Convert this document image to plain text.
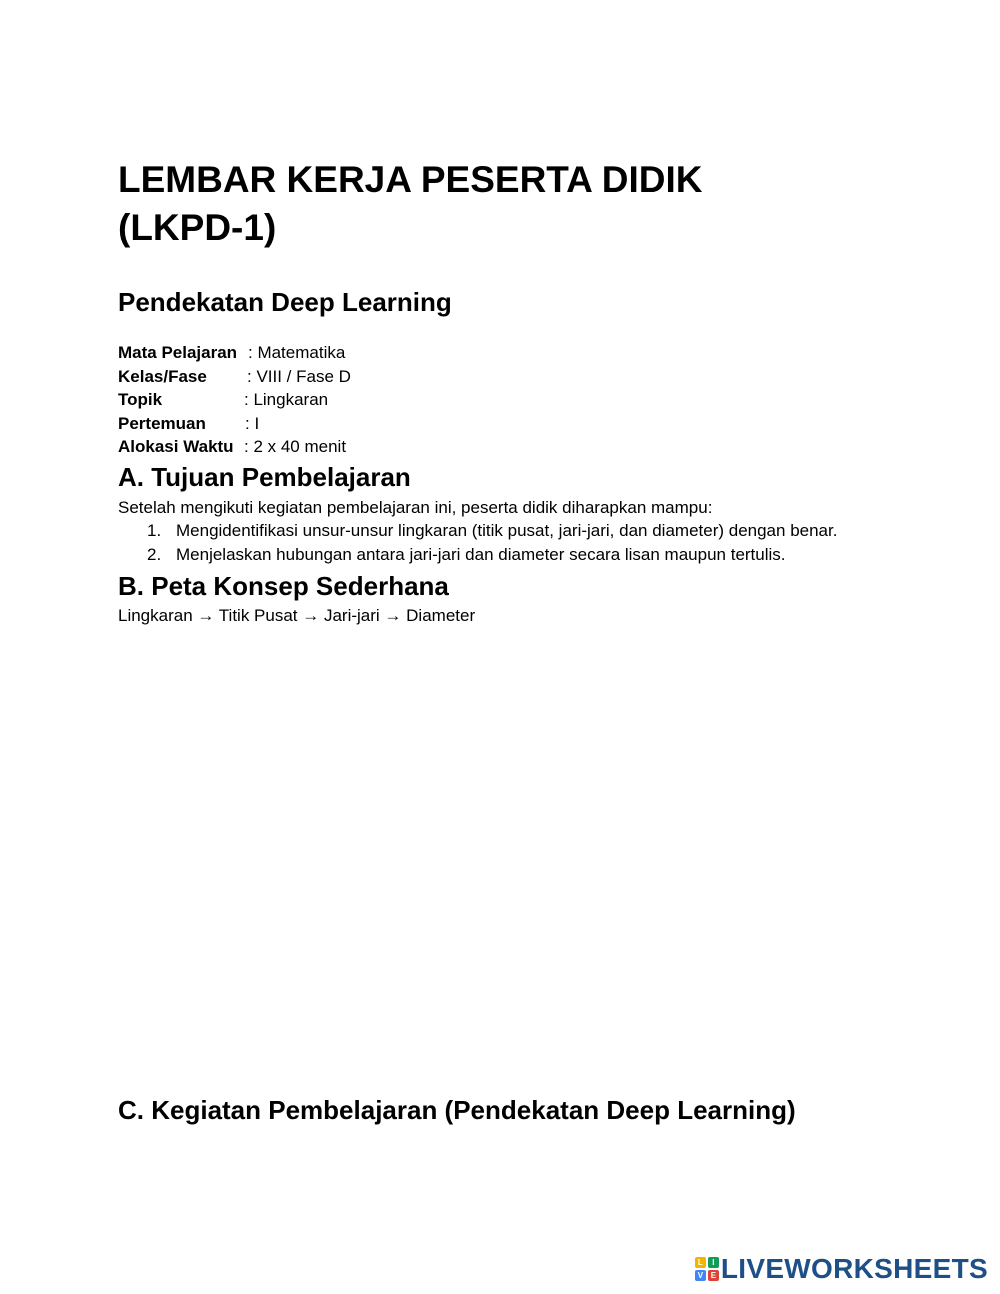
LEMBAR KERJA PESERTA DIDIK
(LKPD-1)
Pendekatan Deep Learning
Mata Pelajaran : Matematika
Kelas/Fase : VIII / Fase D
Topik	: Lingkaran
Pertemuan : I
Alokasi Waktu : 2 x 40 menit
A. Tujuan Pembelajaran

Setelah mengikuti kegiatan pembelajaran ini, peserta didik diharapkan mampu:

1. Mengidentifikasi unsur-unsur lingkaran (titik pusat, jari-jari, dan diameter) dengan benar.
2. Menjelaskan hubungan antara jari-jari dan diameter secara lisan maupun tertulis.
B. Peta Konsep Sederhana

Lingkaran → Titik Pusat → Jari-jari → Diameter

C. Kegiatan Pembelajaran (Pendekatan Deep Learning)
L	I
V E LIVEWORKSHEETS
